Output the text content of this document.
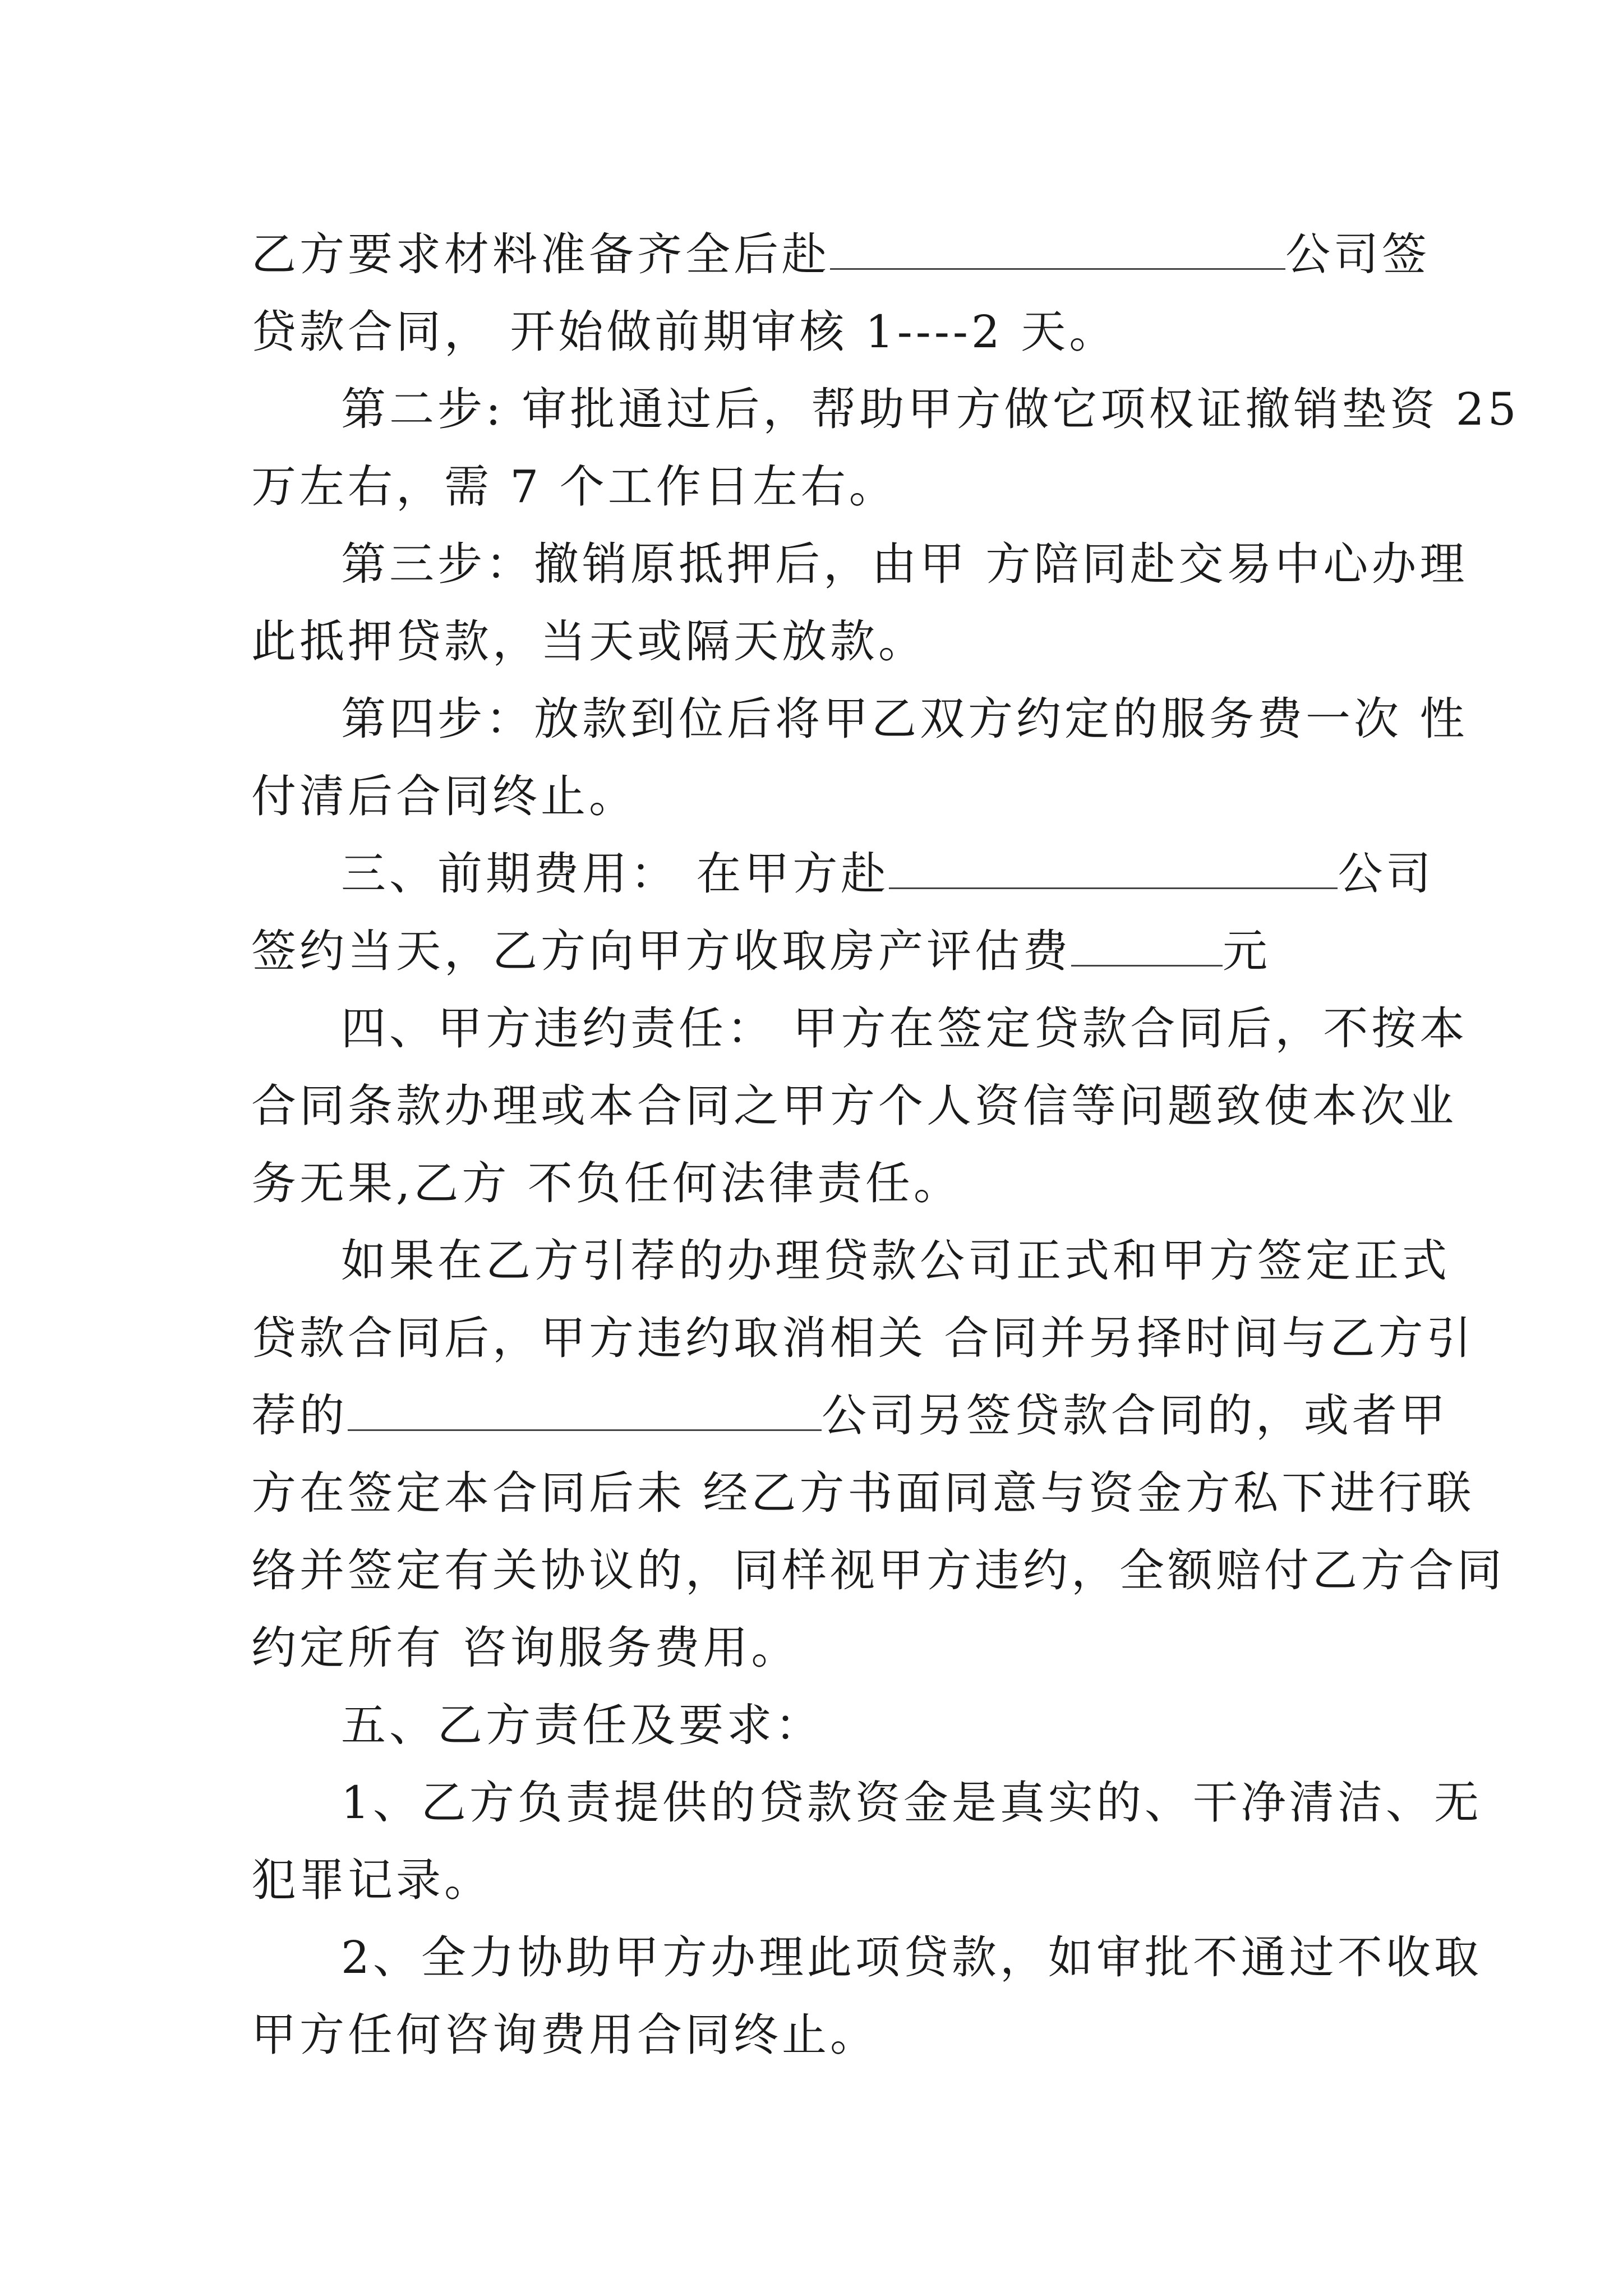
乙方要求材料准备齐全后赴	公司签
贷款合同， 开始做前期审核 1----2 天。
第二步: 审批通过后，帮助甲方做它项权证撤销垫资 25
万左右，需 7 个工作日左右。
第三步：撤销原抵押后，由甲 方陪同赴交易中心办理
此抵押贷款，当天或隔天放款。
第四步：放款到位后将甲乙双方约定的服务费一次 性
付清后合同终止。
三、前期费用： 在甲方赴	公司
签约当天，乙方向甲方收取房产评估费	元
四、甲方违约责任： 甲方在签定贷款合同后，不按本
合同条款办理或本合同之甲方个人资信等问题致使本次业
务无果,乙方 不负任何法律责任。
如果在乙方引荐的办理贷款公司正式和甲方签定正式
贷款合同后，甲方违约取消相关 合同并另择时间与乙方引
荐的	公司另签贷款合同的，或者甲
方在签定本合同后未 经乙方书面同意与资金方私下进行联
络并签定有关协议的，同样视甲方违约，全额赔付乙方合同
约定所有 咨询服务费用。
五、乙方责任及要求：
1、乙方负责提供的贷款资金是真实的、干净清洁、无
犯罪记录。
2、全力协助甲方办理此项贷款，如审批不通过不收取
甲方任何咨询费用合同终止。
